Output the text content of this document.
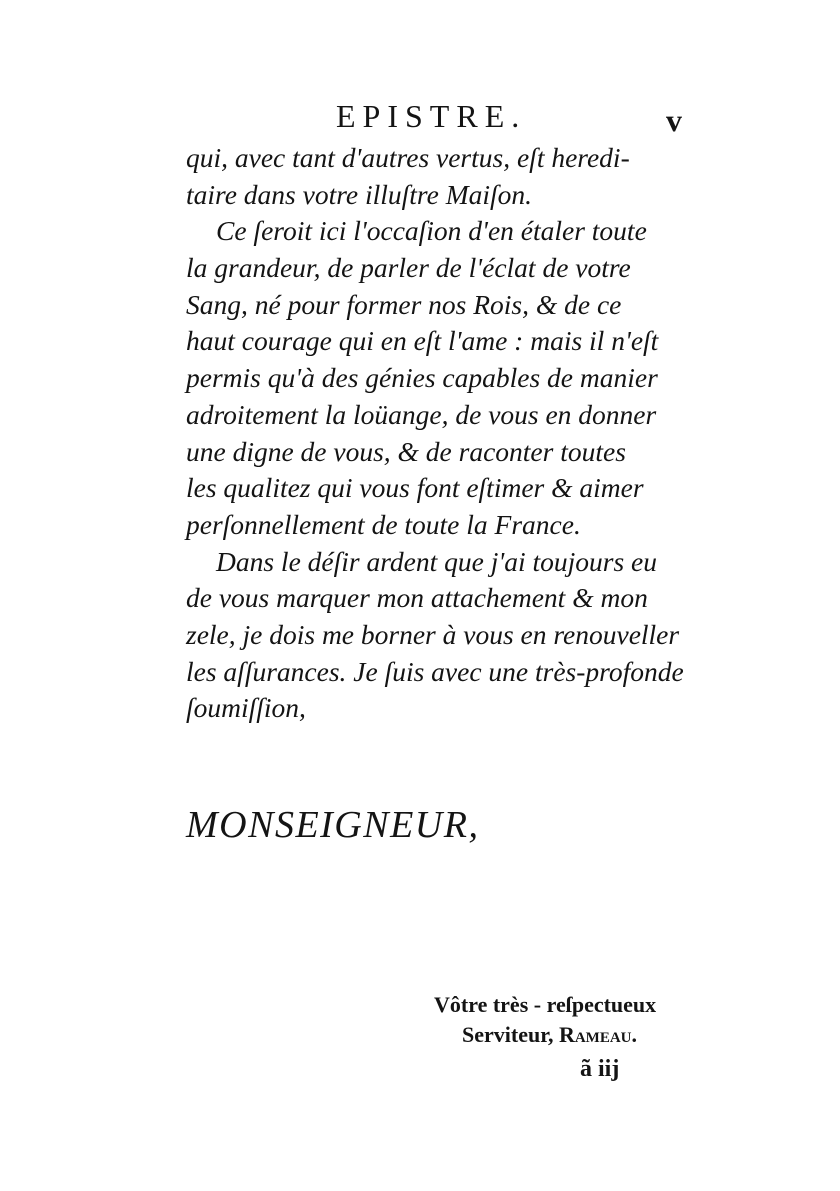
EPISTRE.	v
qui, avec tant d'autres vertus, eſt heredi-
taire dans votre illuſtre Maiſon.
Ce ſeroit ici l'occaſion d'en étaler toute
la grandeur, de parler de l'éclat de votre
Sang, né pour former nos Rois, & de ce
haut courage qui en eſt l'ame : mais il n'eſt
permis qu'à des génies capables de manier
adroitement la loüange, de vous en donner
une digne de vous, & de raconter toutes
les qualitez qui vous font eſtimer & aimer
perſonnellement de toute la France.
Dans le déſir ardent que j'ai toujours eu
de vous marquer mon attachement & mon
zele, je dois me borner à vous en renouveller
les aſſurances. Je ſuis avec une très-profonde
ſoumiſſion,
MONSEIGNEUR,
Vôtre très - reſpectueux
Serviteur, Rameau.
ã iij
